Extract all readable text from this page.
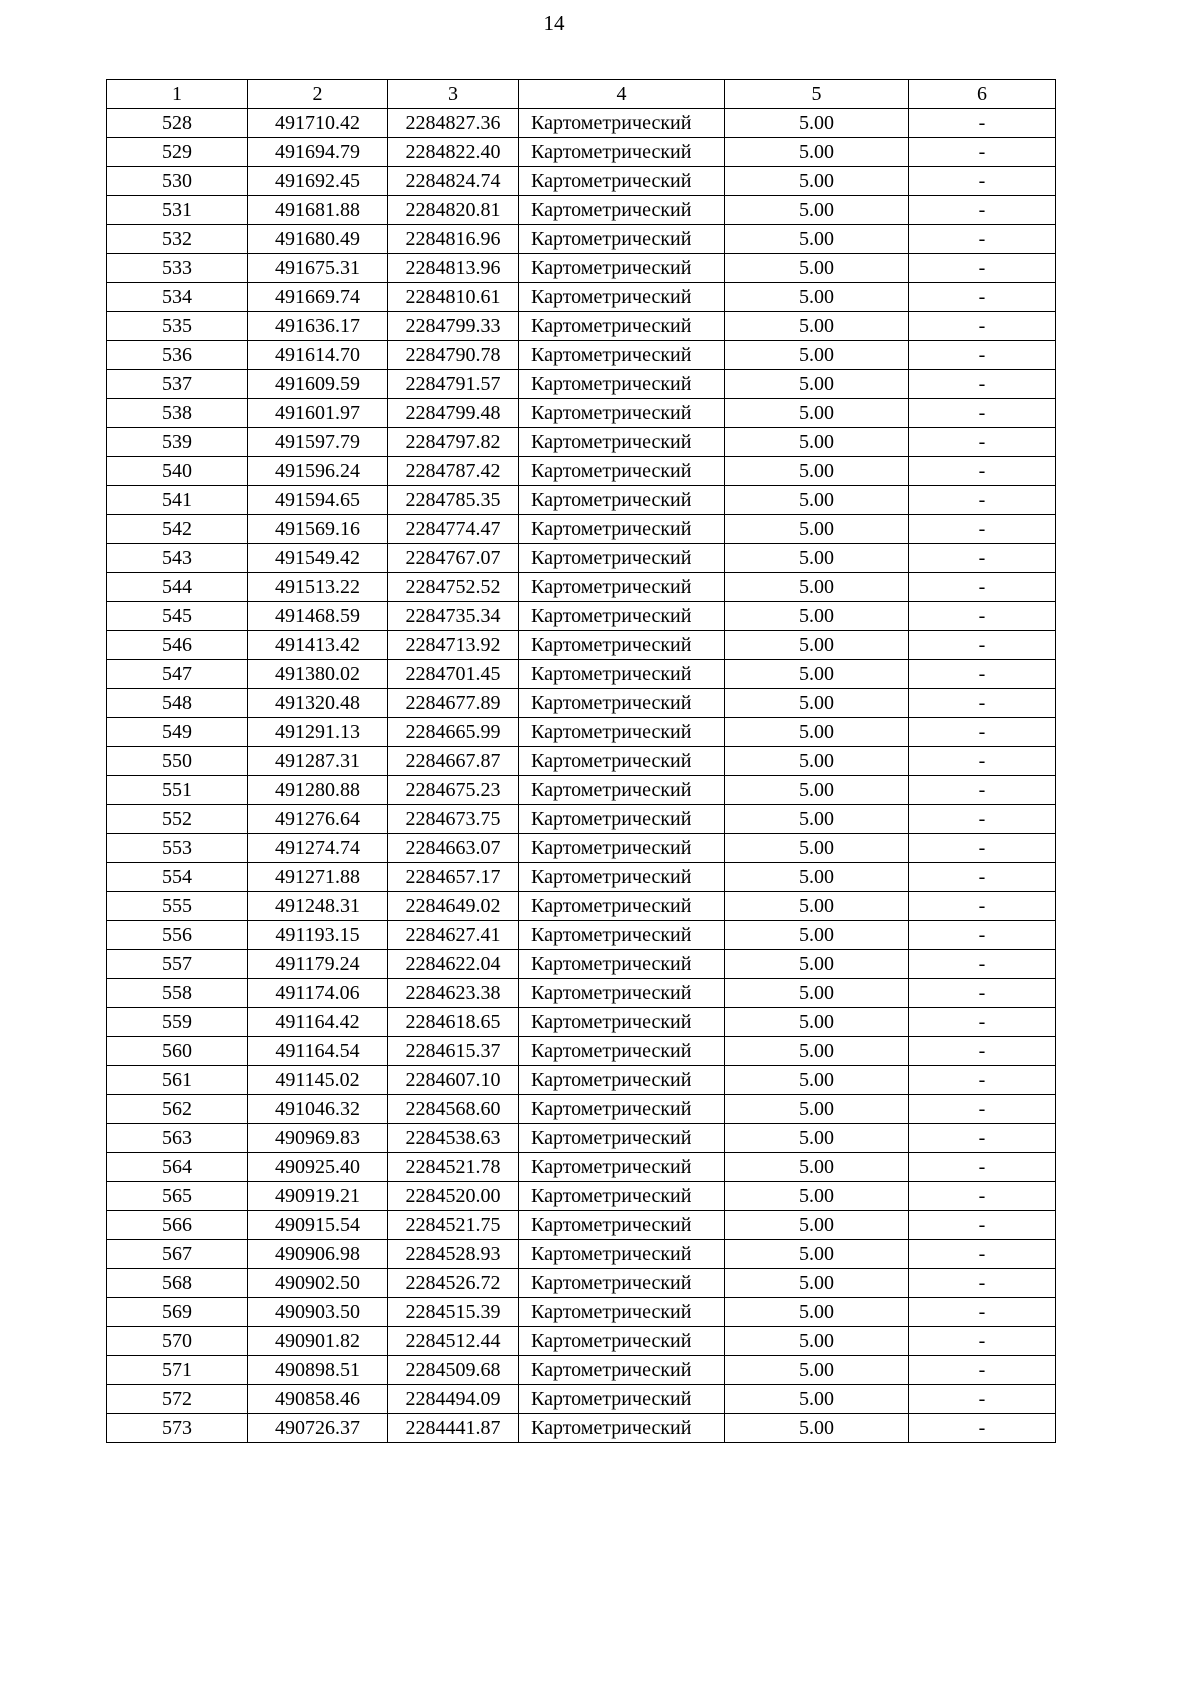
14
1	2	3	4	5	6
528	491710.42	2284827.36	Картометрический	5.00	-
529	491694.79	2284822.40	Картометрический	5.00	-
530	491692.45	2284824.74	Картометрический	5.00	-
531	491681.88	2284820.81	Картометрический	5.00	-
532	491680.49	2284816.96	Картометрический	5.00	-
533	491675.31	2284813.96	Картометрический	5.00	-
534	491669.74	2284810.61	Картометрический	5.00	-
535	491636.17	2284799.33	Картометрический	5.00	-
536	491614.70	2284790.78	Картометрический	5.00	-
537	491609.59	2284791.57	Картометрический	5.00	-
538	491601.97	2284799.48	Картометрический	5.00	-
539	491597.79	2284797.82	Картометрический	5.00	-
540	491596.24	2284787.42	Картометрический	5.00	-
541	491594.65	2284785.35	Картометрический	5.00	-
542	491569.16	2284774.47	Картометрический	5.00	-
543	491549.42	2284767.07	Картометрический	5.00	-
544	491513.22	2284752.52	Картометрический	5.00	-
545	491468.59	2284735.34	Картометрический	5.00	-
546	491413.42	2284713.92	Картометрический	5.00	-
547	491380.02	2284701.45	Картометрический	5.00	-
548	491320.48	2284677.89	Картометрический	5.00	-
549	491291.13	2284665.99	Картометрический	5.00	-
550	491287.31	2284667.87	Картометрический	5.00	-
551	491280.88	2284675.23	Картометрический	5.00	-
552	491276.64	2284673.75	Картометрический	5.00	-
553	491274.74	2284663.07	Картометрический	5.00	-
554	491271.88	2284657.17	Картометрический	5.00	-
555	491248.31	2284649.02	Картометрический	5.00	-
556	491193.15	2284627.41	Картометрический	5.00	-
557	491179.24	2284622.04	Картометрический	5.00	-
558	491174.06	2284623.38	Картометрический	5.00	-
559	491164.42	2284618.65	Картометрический	5.00	-
560	491164.54	2284615.37	Картометрический	5.00	-
561	491145.02	2284607.10	Картометрический	5.00	-
562	491046.32	2284568.60	Картометрический	5.00	-
563	490969.83	2284538.63	Картометрический	5.00	-
564	490925.40	2284521.78	Картометрический	5.00	-
565	490919.21	2284520.00	Картометрический	5.00	-
566	490915.54	2284521.75	Картометрический	5.00	-
567	490906.98	2284528.93	Картометрический	5.00	-
568	490902.50	2284526.72	Картометрический	5.00	-
569	490903.50	2284515.39	Картометрический	5.00	-
570	490901.82	2284512.44	Картометрический	5.00	-
571	490898.51	2284509.68	Картометрический	5.00	-
572	490858.46	2284494.09	Картометрический	5.00	-
573	490726.37	2284441.87	Картометрический	5.00	-
